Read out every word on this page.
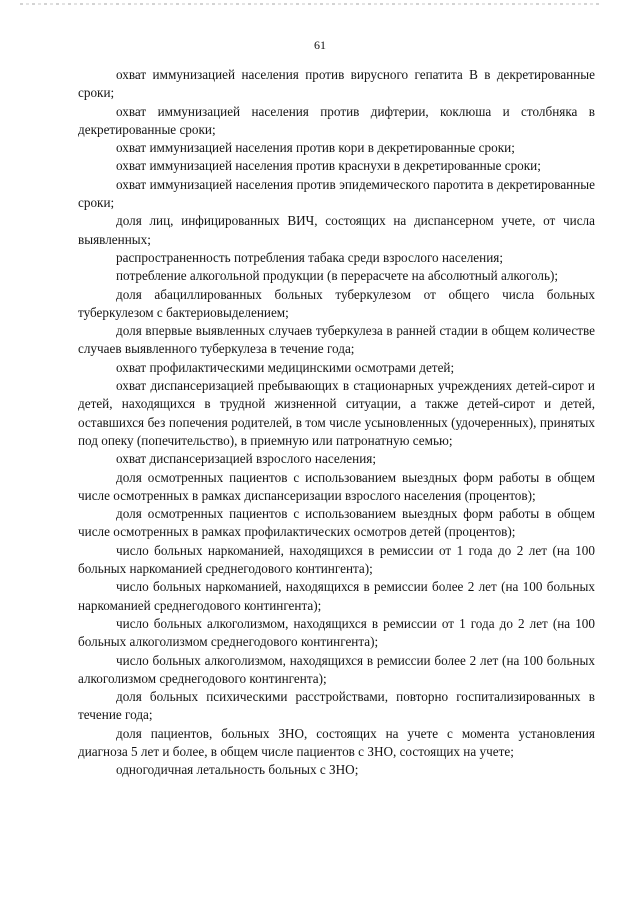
61

охват иммунизацией населения против вирусного гепатита В в декретированные сроки;

охват иммунизацией населения против дифтерии, коклюша и столбняка в декретированные сроки;

охват иммунизацией населения против кори в декретированные сроки;

охват иммунизацией населения против краснухи в декретированные сроки;

охват иммунизацией населения против эпидемического паротита в декретированные сроки;

доля лиц, инфицированных ВИЧ, состоящих на диспансерном учете, от числа выявленных;

распространенность потребления табака среди взрослого населения;

потребление алкогольной продукции (в перерасчете на абсолютный алкоголь);

доля абациллированных больных туберкулезом от общего числа больных туберкулезом с бактериовыделением;

доля впервые выявленных случаев туберкулеза в ранней стадии в общем количестве случаев выявленного туберкулеза в течение года;

охват профилактическими медицинскими осмотрами детей;

охват диспансеризацией пребывающих в стационарных учреждениях детей-сирот и детей, находящихся в трудной жизненной ситуации, а также детей-сирот и детей, оставшихся без попечения родителей, в том числе усыновленных (удочеренных), принятых под опеку (попечительство), в приемную или патронатную семью;

охват диспансеризацией взрослого населения;

доля осмотренных пациентов с использованием выездных форм работы в общем числе осмотренных в рамках диспансеризации взрослого населения (процентов);

доля осмотренных пациентов с использованием выездных форм работы в общем числе осмотренных в рамках профилактических осмотров детей (процентов);

число больных наркоманией, находящихся в ремиссии от 1 года до 2 лет (на 100 больных наркоманией среднегодового контингента);

число больных наркоманией, находящихся в ремиссии более 2 лет (на 100 больных наркоманией среднегодового контингента);

число больных алкоголизмом, находящихся в ремиссии от 1 года до 2 лет (на 100 больных алкоголизмом среднегодового контингента);

число больных алкоголизмом, находящихся в ремиссии более 2 лет (на 100 больных алкоголизмом среднегодового контингента);

доля больных психическими расстройствами, повторно госпитализированных в течение года;

доля пациентов, больных ЗНО, состоящих на учете с момента установления диагноза 5 лет и более, в общем числе пациентов с ЗНО, состоящих на учете;

одногодичная летальность больных с ЗНО;
